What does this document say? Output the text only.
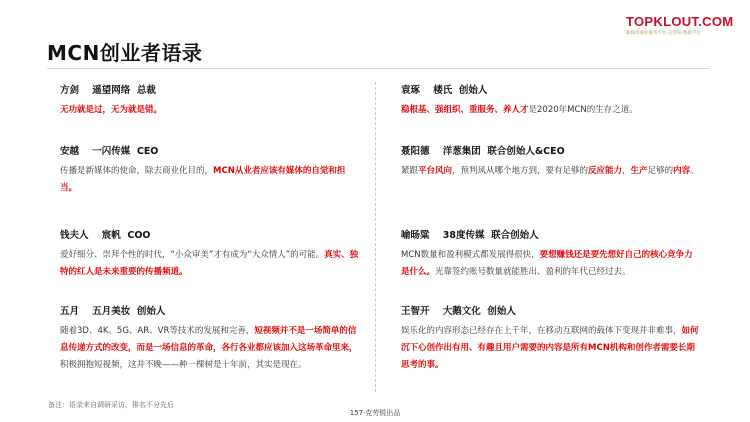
MCN创业者语录
TOPKLOUT.COM
新媒体商业服务平台·克劳锐·数据平台
方剑    遥望网络  总裁
无功就是过，无为就是错。
安越    一闪传媒  CEO
传播是新媒体的使命，除去商业化目的，MCN从业者应该有媒体的自觉和担当。
钱夫人    宸帆  COO
爱好细分、崇拜个性的时代，“小众审美”才有成为“大众情人”的可能。真实、独特的红人是未来重要的传播频道。
五月    五月美妆  创始人
随着3D、4K、5G、AR、VR等技术的发展和完善，短视频并不是一场简单的信息传递方式的改变，而是一场信息的革命，各行各业都应该加入这场革命里来，积极拥抱短视频，这并不晚——种一棵树是十年前，其实是现在。
袁琢    楼氏  创始人
稳根基、强组织、重服务、养人才是2020年MCN的生存之道。
聂阳德    洋葱集团  联合创始人&CEO
紧跟平台风向，预判风从哪个地方到，要有足够的反应能力，生产足够的内容。
喻旸粱    38度传媒  联合创始人
MCN数量和盈利模式都发展得很快，要想赚钱还是要先想好自己的核心竞争力是什么。光靠签约账号数量就能胜出、盈利的年代已经过去。
王智开    大鹅文化  创始人
娱乐化的内容形态已经存在上千年，在移动互联网的载体下变现并非难事，如何沉下心创作出有用、有趣且用户需要的内容是所有MCN机构和创作者需要长期思考的事。
备注：语录来自调研采访，排名不分先后
157·克劳锐出品
